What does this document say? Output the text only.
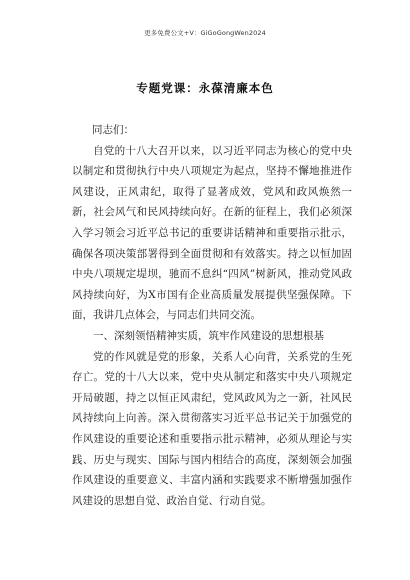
更多免费公文+V：GiGoGongWen2024
专题党课：永葆清廉本色

同志们：

自党的十八大召开以来，以习近平同志为核心的党中央以制定和贯彻执行中央八项规定为起点，坚持不懈地推进作风建设，正风肃纪，取得了显著成效，党风和政风焕然一新，社会风气和民风持续向好。在新的征程上，我们必须深入学习领会习近平总书记的重要讲话精神和重要指示批示，确保各项决策部署得到全面贯彻和有效落实。持之以恒加固中央八项规定堤坝，驰而不息纠“四风”树新风，推动党风政风持续向好，为X市国有企业高质量发展提供坚强保障。下面，我讲几点体会，与同志们共同交流。

一、深刻领悟精神实质，筑牢作风建设的思想根基

党的作风就是党的形象，关系人心向背，关系党的生死存亡。党的十八大以来，党中央从制定和落实中央八项规定开局破题，持之以恒正风肃纪，党风政风为之一新，社风民风持续向上向善。深入贯彻落实习近平总书记关于加强党的作风建设的重要论述和重要指示批示精神，必须从理论与实践、历史与现实、国际与国内相结合的高度，深刻领会加强作风建设的重要意义、丰富内涵和实践要求不断增强加强作风建设的思想自觉、政治自觉、行动自觉。
